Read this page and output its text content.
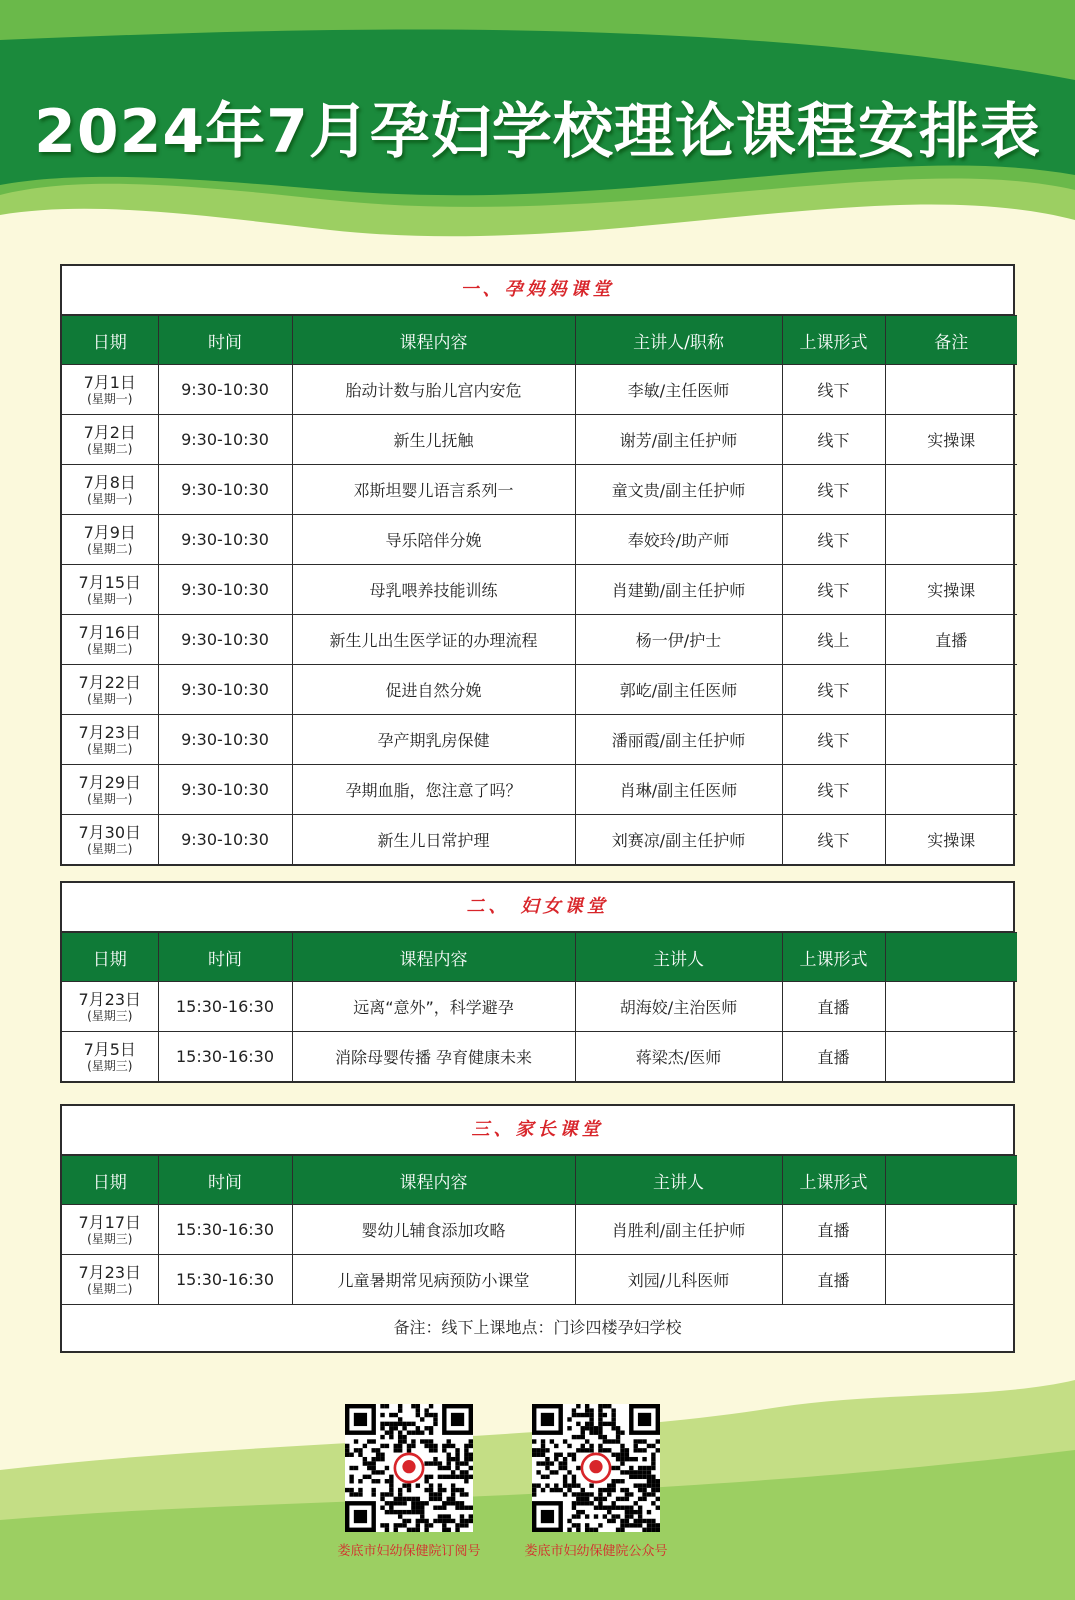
2024年7月孕妇学校理论课程安排表
一、孕妈妈课堂
日期	时间	课程内容	主讲人/职称	上课形式	备注

7月1日
(星期一)	9:30-10:30	胎动计数与胎儿宫内安危	李敏/主任医师	线下	

7月2日
(星期二)	9:30-10:30	新生儿抚触	谢芳/副主任护师	线下	实操课

7月8日
(星期一)	9:30-10:30	邓斯坦婴儿语言系列一	童文贵/副主任护师	线下	

7月9日
(星期二)	9:30-10:30	导乐陪伴分娩	奉姣玲/助产师	线下	

7月15日
(星期一)	9:30-10:30	母乳喂养技能训练	肖建勤/副主任护师	线下	实操课

7月16日
(星期二)	9:30-10:30	新生儿出生医学证的办理流程	杨一伊/护士	线上	直播

7月22日
(星期一)	9:30-10:30	促进自然分娩	郭屹/副主任医师	线下	

7月23日
(星期二)	9:30-10:30	孕产期乳房保健	潘丽霞/副主任护师	线下	

7月29日
(星期一)	9:30-10:30	孕期血脂，您注意了吗？	肖琳/副主任医师	线下	

7月30日
(星期二)	9:30-10:30	新生儿日常护理	刘赛凉/副主任护师	线下	实操课
二、 妇女课堂
日期	时间	课程内容	主讲人	上课形式	

7月23日
(星期三)	15:30-16:30	远离“意外”，科学避孕	胡海姣/主治医师	直播	

7月5日
(星期三)	15:30-16:30	消除母婴传播 孕育健康未来	蒋梁杰/医师	直播	
三、家长课堂
日期	时间	课程内容	主讲人	上课形式	

7月17日
(星期三)	15:30-16:30	婴幼儿辅食添加攻略	肖胜利/副主任护师	直播	

7月23日
(星期二)	15:30-16:30	儿童暑期常见病预防小课堂	刘园/儿科医师	直播	
备注：线下上课地点：门诊四楼孕妇学校
娄底市妇幼保健院订阅号	娄底市妇幼保健院公众号
